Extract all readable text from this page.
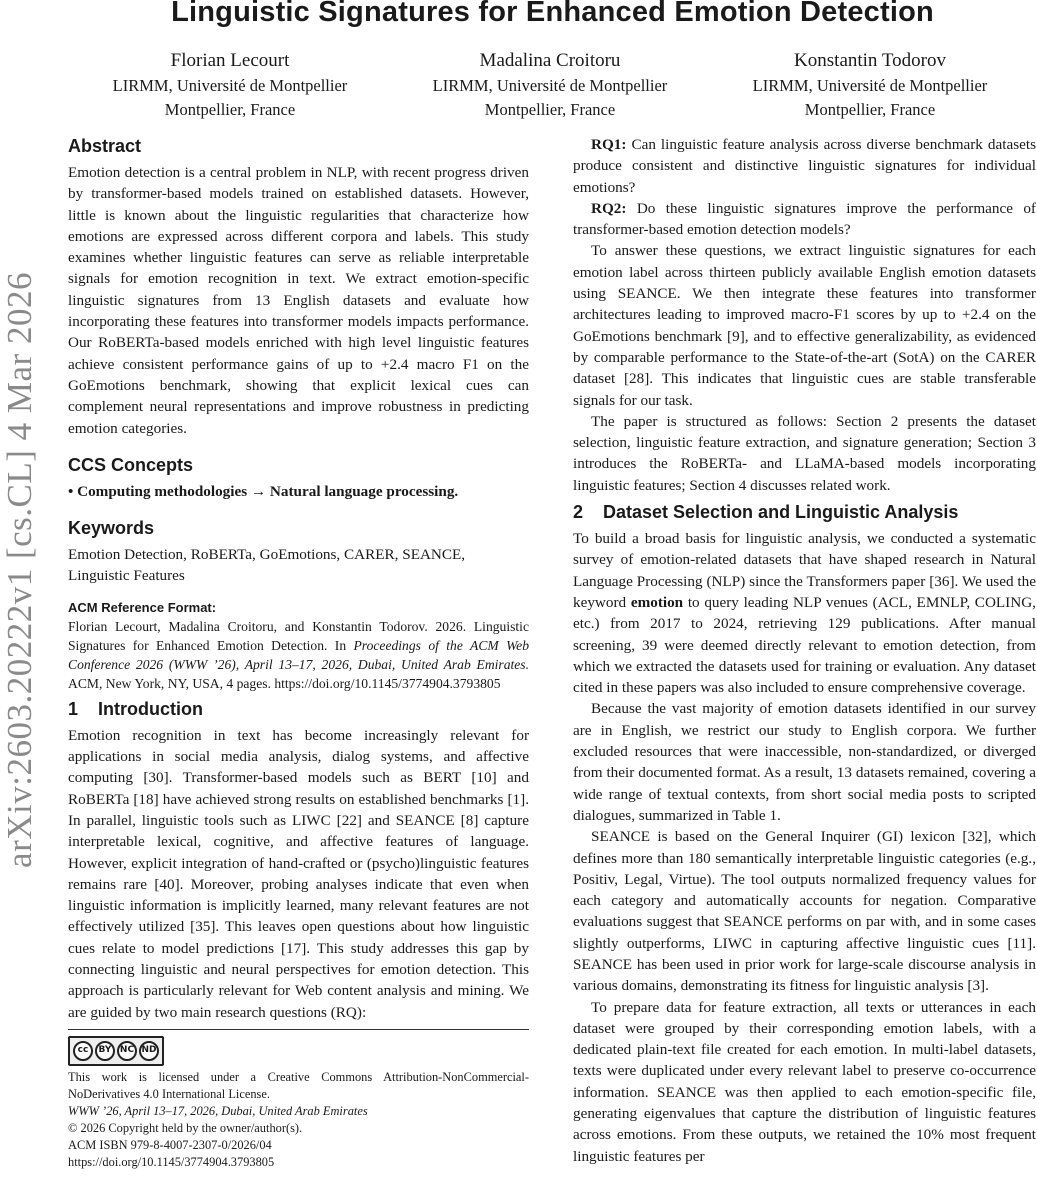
arXiv:2603.20222v1 [cs.CL] 4 Mar 2026
Linguistic Signatures for Enhanced Emotion Detection
Florian Lecourt
LIRMM, Université de Montpellier
Montpellier, France
Madalina Croitoru
LIRMM, Université de Montpellier
Montpellier, France
Konstantin Todorov
LIRMM, Université de Montpellier
Montpellier, France
Abstract

Emotion detection is a central problem in NLP, with recent progress driven by transformer-based models trained on established datasets. However, little is known about the linguistic regularities that characterize how emotions are expressed across different corpora and labels. This study examines whether linguistic features can serve as reliable interpretable signals for emotion recognition in text. We extract emotion-specific linguistic signatures from 13 English datasets and evaluate how incorporating these features into transformer models impacts performance. Our RoBERTa-based models enriched with high level linguistic features achieve consistent performance gains of up to +2.4 macro F1 on the GoEmotions benchmark, showing that explicit lexical cues can complement neural representations and improve robustness in predicting emotion categories.

CCS Concepts

• Computing methodologies → Natural language processing.

Keywords

Emotion Detection, RoBERTa, GoEmotions, CARER, SEANCE, Linguistic Features

ACM Reference Format:

Florian Lecourt, Madalina Croitoru, and Konstantin Todorov. 2026. Linguistic Signatures for Enhanced Emotion Detection. In Proceedings of the ACM Web Conference 2026 (WWW ’26), April 13–17, 2026, Dubai, United Arab Emirates. ACM, New York, NY, USA, 4 pages. https://doi.org/10.1145/3774904.3793805

1 Introduction

Emotion recognition in text has become increasingly relevant for applications in social media analysis, dialog systems, and affective computing [30]. Transformer-based models such as BERT [10] and RoBERTa [18] have achieved strong results on established benchmarks [1]. In parallel, linguistic tools such as LIWC [22] and SEANCE [8] capture interpretable lexical, cognitive, and affective features of language. However, explicit integration of hand-crafted or (psycho)linguistic features remains rare [40]. Moreover, probing analyses indicate that even when linguistic information is implicitly learned, many relevant features are not effectively utilized [35]. This leaves open questions about how linguistic cues relate to model predictions [17]. This study addresses this gap by connecting linguistic and neural perspectives for emotion detection. This approach is particularly relevant for Web content analysis and mining. We are guided by two main research questions (RQ):

cc	BY NC ND
This work is licensed under a Creative Commons Attribution-NonCommercial-NoDerivatives 4.0 International License.
WWW ’26, April 13–17, 2026, Dubai, United Arab Emirates
© 2026 Copyright held by the owner/author(s).
ACM ISBN 979-8-4007-2307-0/2026/04
https://doi.org/10.1145/3774904.3793805

RQ1: Can linguistic feature analysis across diverse benchmark datasets produce consistent and distinctive linguistic signatures for individual emotions?

RQ2: Do these linguistic signatures improve the performance of transformer-based emotion detection models?

To answer these questions, we extract linguistic signatures for each emotion label across thirteen publicly available English emotion datasets using SEANCE. We then integrate these features into transformer architectures leading to improved macro-F1 scores by up to +2.4 on the GoEmotions benchmark [9], and to effective generalizability, as evidenced by comparable performance to the State-of-the-art (SotA) on the CARER dataset [28]. This indicates that linguistic cues are stable transferable signals for our task.

The paper is structured as follows: Section 2 presents the dataset selection, linguistic feature extraction, and signature generation; Section 3 introduces the RoBERTa- and LLaMA-based models incorporating linguistic features; Section 4 discusses related work.

2 Dataset Selection and Linguistic Analysis

To build a broad basis for linguistic analysis, we conducted a systematic survey of emotion-related datasets that have shaped research in Natural Language Processing (NLP) since the Transformers paper [36]. We used the keyword emotion to query leading NLP venues (ACL, EMNLP, COLING, etc.) from 2017 to 2024, retrieving 129 publications. After manual screening, 39 were deemed directly relevant to emotion detection, from which we extracted the datasets used for training or evaluation. Any dataset cited in these papers was also included to ensure comprehensive coverage.

Because the vast majority of emotion datasets identified in our survey are in English, we restrict our study to English corpora. We further excluded resources that were inaccessible, non-standardized, or diverged from their documented format. As a result, 13 datasets remained, covering a wide range of textual contexts, from short social media posts to scripted dialogues, summarized in Table 1.

SEANCE is based on the General Inquirer (GI) lexicon [32], which defines more than 180 semantically interpretable linguistic categories (e.g., Positiv, Legal, Virtue). The tool outputs normalized frequency values for each category and automatically accounts for negation. Comparative evaluations suggest that SEANCE performs on par with, and in some cases slightly outperforms, LIWC in capturing affective linguistic cues [11]. SEANCE has been used in prior work for large-scale discourse analysis in various domains, demonstrating its fitness for linguistic analysis [3].

To prepare data for feature extraction, all texts or utterances in each dataset were grouped by their corresponding emotion labels, with a dedicated plain-text file created for each emotion. In multi-label datasets, texts were duplicated under every relevant label to preserve co-occurrence information. SEANCE was then applied to each emotion-specific file, generating eigenvalues that capture the distribution of linguistic features across emotions. From these outputs, we retained the 10% most frequent linguistic features per
